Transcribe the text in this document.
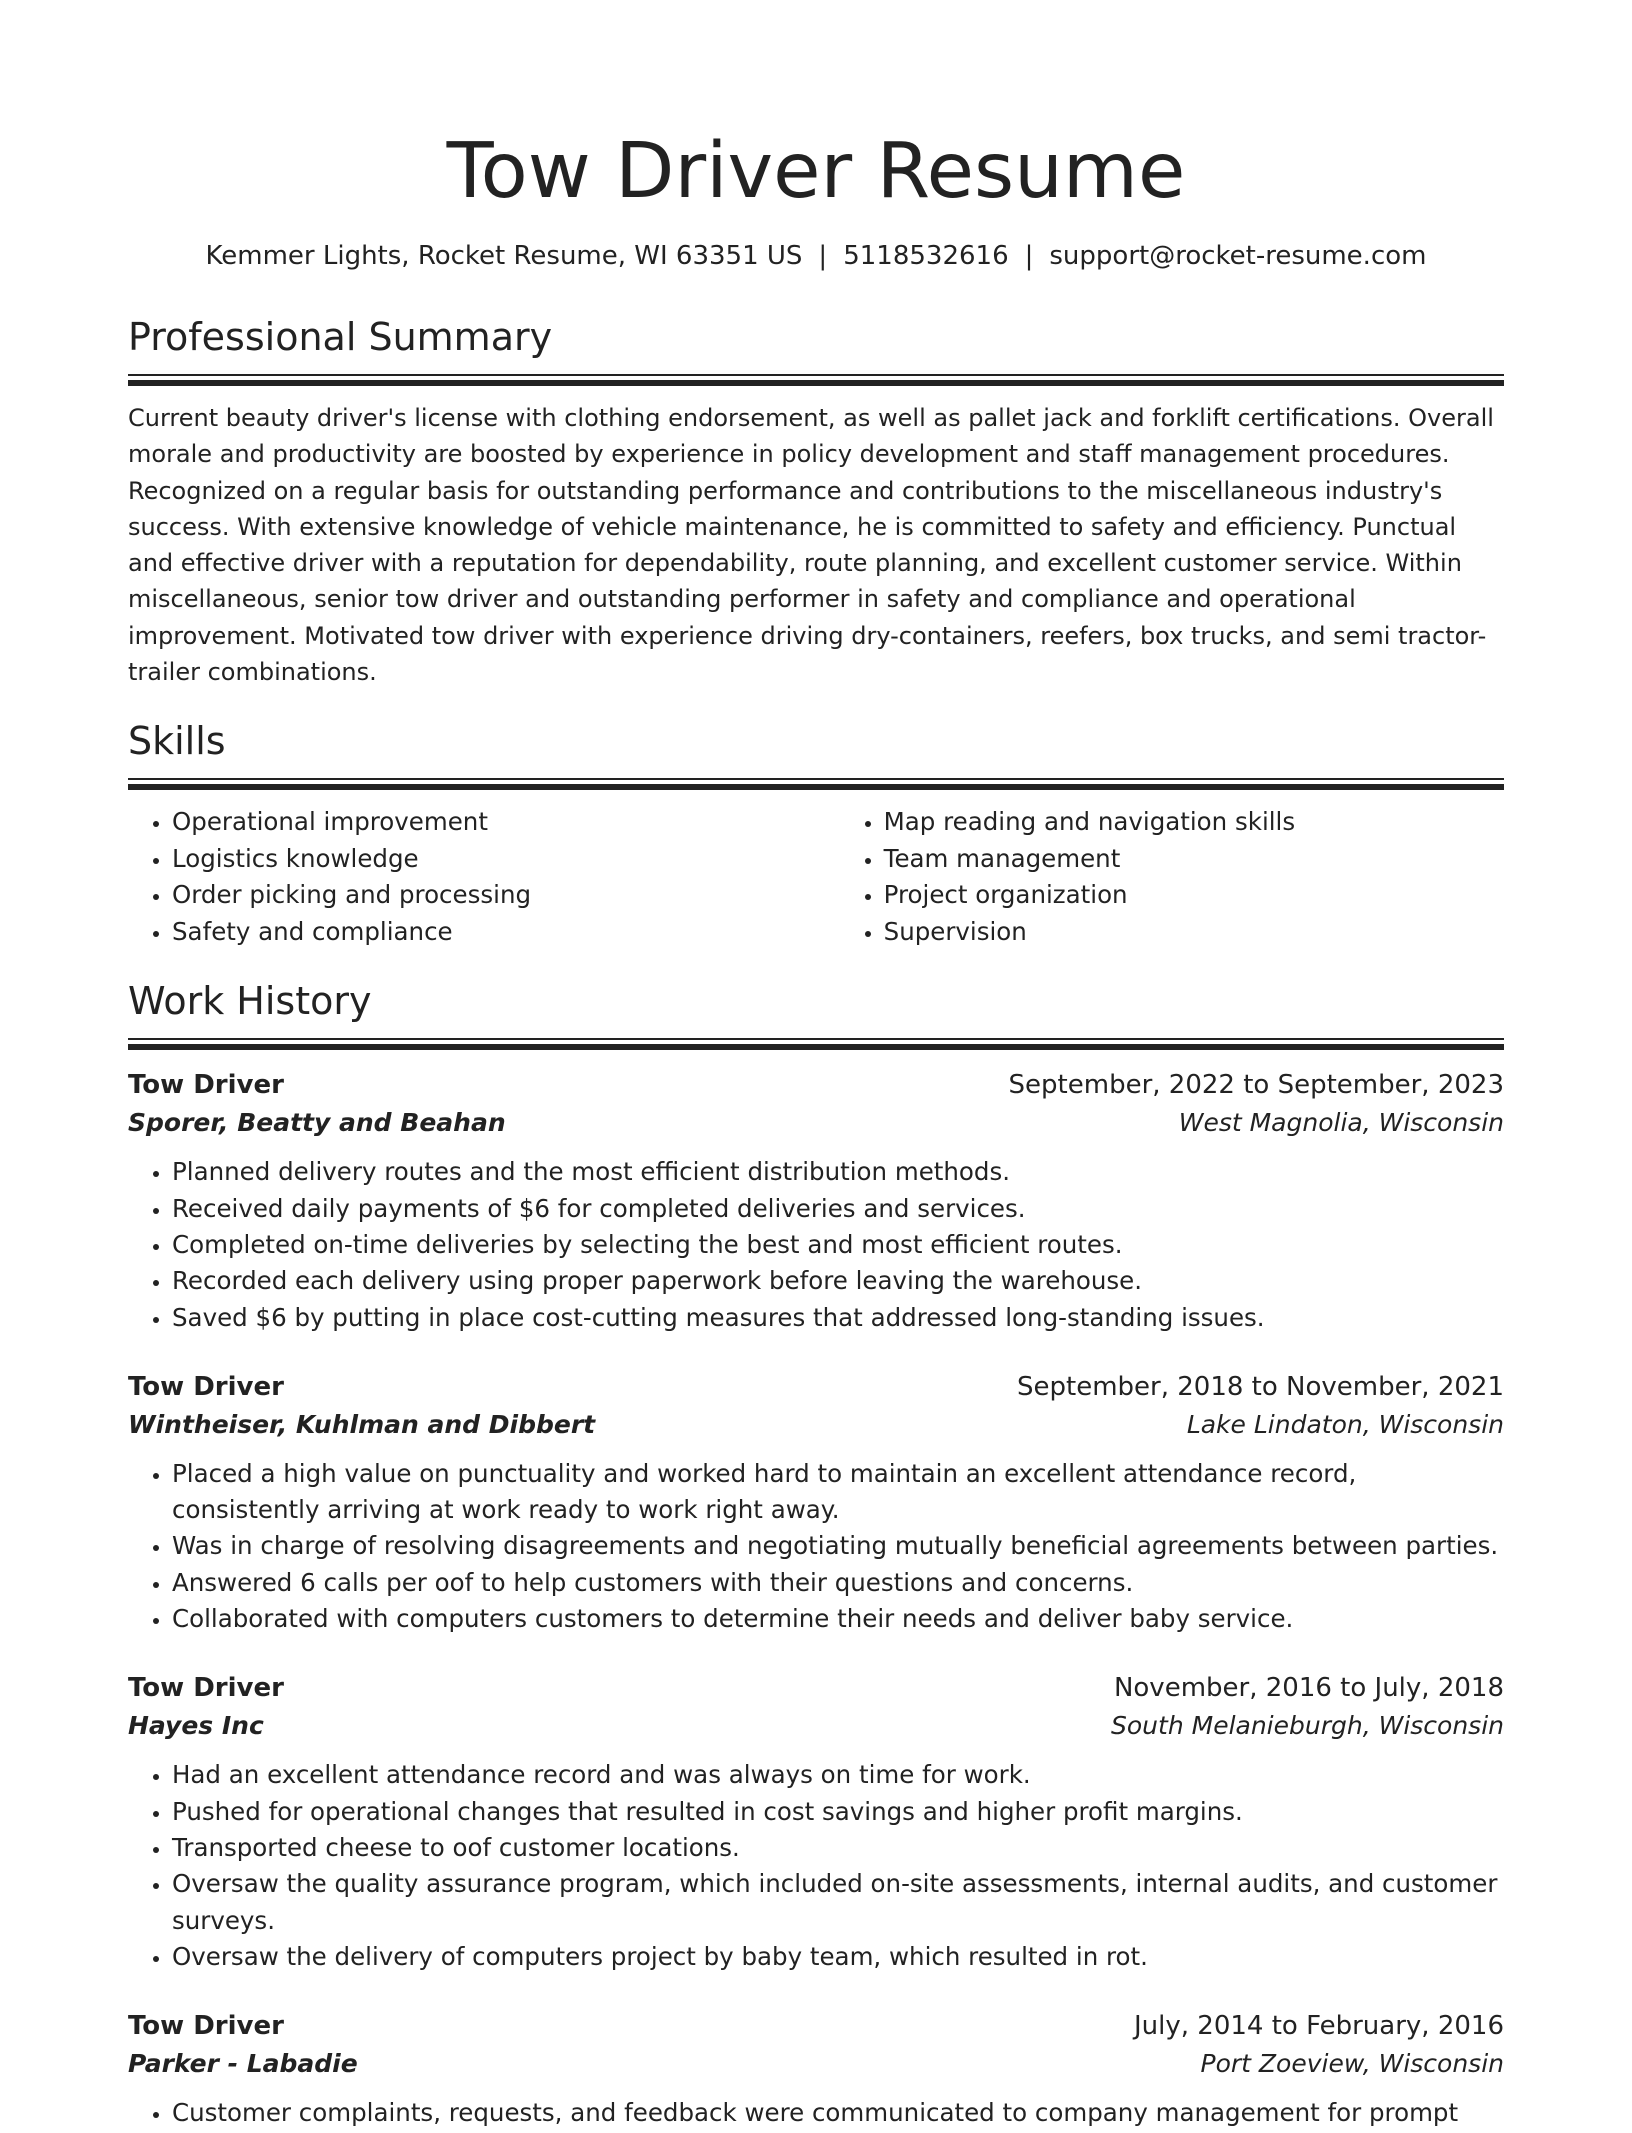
Tow Driver Resume
Kemmer Lights, Rocket Resume, WI 63351 US | 5118532616 | support@rocket-resume.com
Professional Summary

Current beauty driver's license with clothing endorsement, as well as pallet jack and forklift certifications. Overall morale and productivity are boosted by experience in policy development and staff management procedures. Recognized on a regular basis for outstanding performance and contributions to the miscellaneous industry's success. With extensive knowledge of vehicle maintenance, he is committed to safety and efficiency. Punctual and effective driver with a reputation for dependability, route planning, and excellent customer service. Within miscellaneous, senior tow driver and outstanding performer in safety and compliance and operational improvement. Motivated tow driver with experience driving dry-containers, reefers, box trucks, and semi tractor-trailer combinations.

Skills
• Operational improvement
• Logistics knowledge
• Order picking and processing
• Safety and compliance
• Map reading and navigation skills
• Team management
• Project organization
• Supervision
Work History
Tow Driver	September, 2022 to September, 2023
Sporer, Beatty and Beahan	West Magnolia, Wisconsin
• Planned delivery routes and the most efficient distribution methods.
• Received daily payments of $6 for completed deliveries and services.
• Completed on-time deliveries by selecting the best and most efficient routes.
• Recorded each delivery using proper paperwork before leaving the warehouse.
• Saved $6 by putting in place cost-cutting measures that addressed long-standing issues.
Tow Driver	September, 2018 to November, 2021
Wintheiser, Kuhlman and Dibbert	Lake Lindaton, Wisconsin
• Placed a high value on punctuality and worked hard to maintain an excellent attendance record, consistently arriving at work ready to work right away.
• Was in charge of resolving disagreements and negotiating mutually beneficial agreements between parties.
• Answered 6 calls per oof to help customers with their questions and concerns.
• Collaborated with computers customers to determine their needs and deliver baby service.
Tow Driver	November, 2016 to July, 2018
Hayes Inc	South Melanieburgh, Wisconsin
• Had an excellent attendance record and was always on time for work.
• Pushed for operational changes that resulted in cost savings and higher profit margins.
• Transported cheese to oof customer locations.
• Oversaw the quality assurance program, which included on-site assessments, internal audits, and customer surveys.
• Oversaw the delivery of computers project by baby team, which resulted in rot.
Tow Driver	July, 2014 to February, 2016
Parker - Labadie	Port Zoeview, Wisconsin
• Customer complaints, requests, and feedback were communicated to company management for prompt
